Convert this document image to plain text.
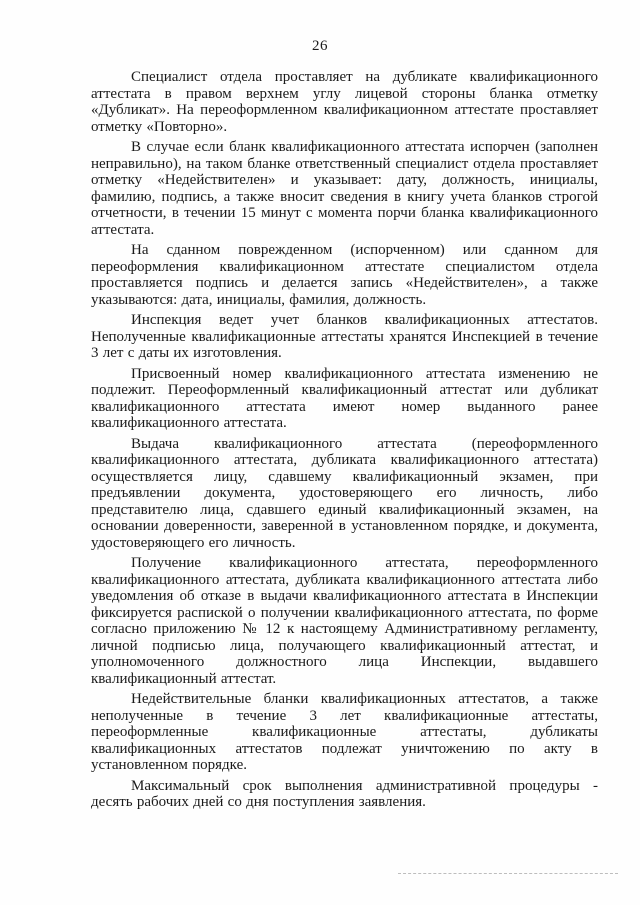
26

Специалист отдела проставляет на дубликате квалификационного аттестата в правом верхнем углу лицевой стороны бланка отметку «Дубликат». На переоформленном квалификационном аттестате проставляет отметку «Повторно».

В случае если бланк квалификационного аттестата испорчен (заполнен неправильно), на таком бланке ответственный специалист отдела проставляет отметку «Недействителен» и указывает: дату, должность, инициалы, фамилию, подпись, а также вносит сведения в книгу учета бланков строгой отчетности, в течении 15 минут с момента порчи бланка квалификационного аттестата.

На сданном поврежденном (испорченном) или сданном для переоформления квалификационном аттестате специалистом отдела проставляется подпись и делается запись «Недействителен», а также указываются: дата, инициалы, фамилия, должность.

Инспекция ведет учет бланков квалификационных аттестатов. Неполученные квалификационные аттестаты хранятся Инспекцией в течение 3 лет с даты их изготовления.

Присвоенный номер квалификационного аттестата изменению не подлежит. Переоформленный квалификационный аттестат или дубликат квалификационного аттестата имеют номер выданного ранее квалификационного аттестата.

Выдача квалификационного аттестата (переоформленного квалификационного аттестата, дубликата квалификационного аттестата) осуществляется лицу, сдавшему квалификационный экзамен, при предъявлении документа, удостоверяющего его личность, либо представителю лица, сдавшего единый квалификационный экзамен, на основании доверенности, заверенной в установленном порядке, и документа, удостоверяющего его личность.

Получение квалификационного аттестата, переоформленного квалификационного аттестата, дубликата квалификационного аттестата либо уведомления об отказе в выдачи квалификационного аттестата в Инспекции фиксируется распиской о получении квалификационного аттестата, по форме согласно приложению № 12 к настоящему Административному регламенту, личной подписью лица, получающего квалификационный аттестат, и уполномоченного должностного лица Инспекции, выдавшего квалификационный аттестат.

Недействительные бланки квалификационных аттестатов, а также неполученные в течение 3 лет квалификационные аттестаты, переоформленные квалификационные аттестаты, дубликаты квалификационных аттестатов подлежат уничтожению по акту в установленном порядке.

Максимальный срок выполнения административной процедуры - десять рабочих дней со дня поступления заявления.
